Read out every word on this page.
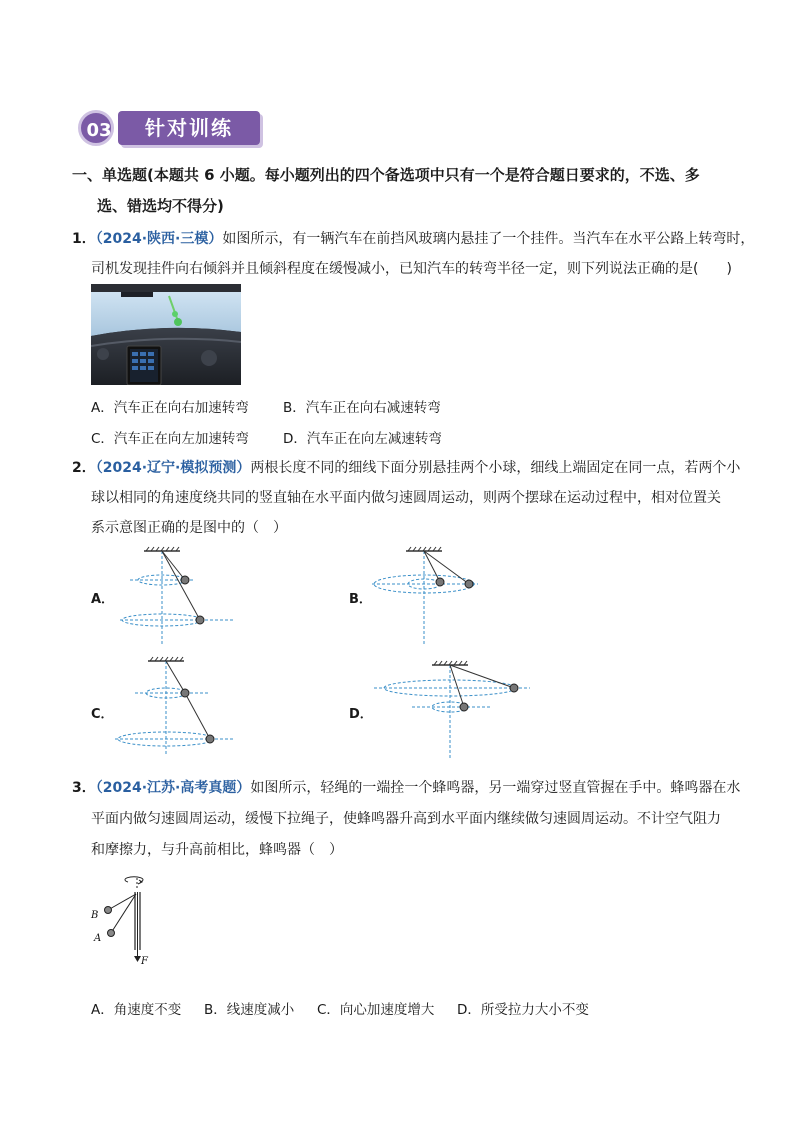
03	针对训练
一、单选题(本题共 6 小题。每小题列出的四个备选项中只有一个是符合题日要求的，不选、多
选、错选均不得分)
1．（2024·陕西·三模）如图所示，有一辆汽车在前挡风玻璃内悬挂了一个挂件。当汽车在水平公路上转弯时，
司机发现挂件向右倾斜并且倾斜程度在缓慢减小，已知汽车的转弯半径一定，则下列说法正确的是(　　)
A．汽车正在向右加速转弯	B．汽车正在向右减速转弯
C．汽车正在向左加速转弯	D．汽车正在向左减速转弯
2．（2024·辽宁·模拟预测）两根长度不同的细线下面分别悬挂两个小球，细线上端固定在同一点，若两个小
球以相同的角速度绕共同的竖直轴在水平面内做匀速圆周运动，则两个摆球在运动过程中，相对位置关
系示意图正确的是图中的（　）
A．	B．
C．	D．
3．（2024·江苏·高考真题）如图所示，轻绳的一端拴一个蜂鸣器，另一端穿过竖直管握在手中。蜂鸣器在水
平面内做匀速圆周运动，缓慢下拉绳子，使蜂鸣器升高到水平面内继续做匀速圆周运动。不计空气阻力
和摩擦力，与升高前相比，蜂鸣器（　）
B
A
F
A．角速度不变 B．线速度减小 C．向心加速度增大 D．所受拉力大小不变
